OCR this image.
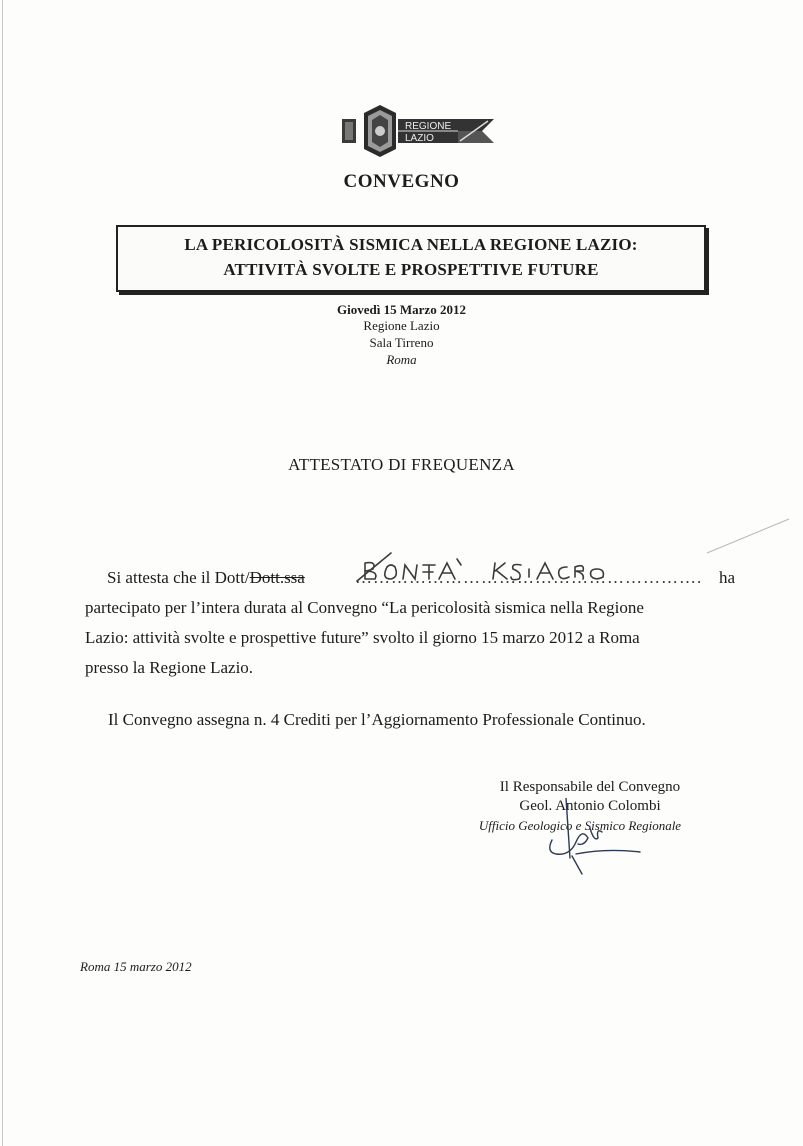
REGIONE
LAZIO
CONVEGNO
LA PERICOLOSITÀ SISMICA NELLA REGIONE LAZIO:
ATTIVITÀ SVOLTE E PROSPETTIVE FUTURE
Giovedì 15 Marzo 2012
Regione Lazio
Sala Tirreno
Roma
ATTESTATO DI FREQUENZA
Si attesta che il Dott/Dott.ssa	…………………………………………………. ha
partecipato per l’intera durata al Convegno “La pericolosità sismica nella Regione
Lazio: attività svolte e prospettive future” svolto il giorno 15 marzo 2012 a Roma
presso la Regione Lazio.
Il Convegno assegna n. 4 Crediti per l’Aggiornamento Professionale Continuo.
Il Responsabile del Convegno
Geol. Antonio Colombi
Ufficio Geologico e Sismico Regionale
Roma 15 marzo 2012
